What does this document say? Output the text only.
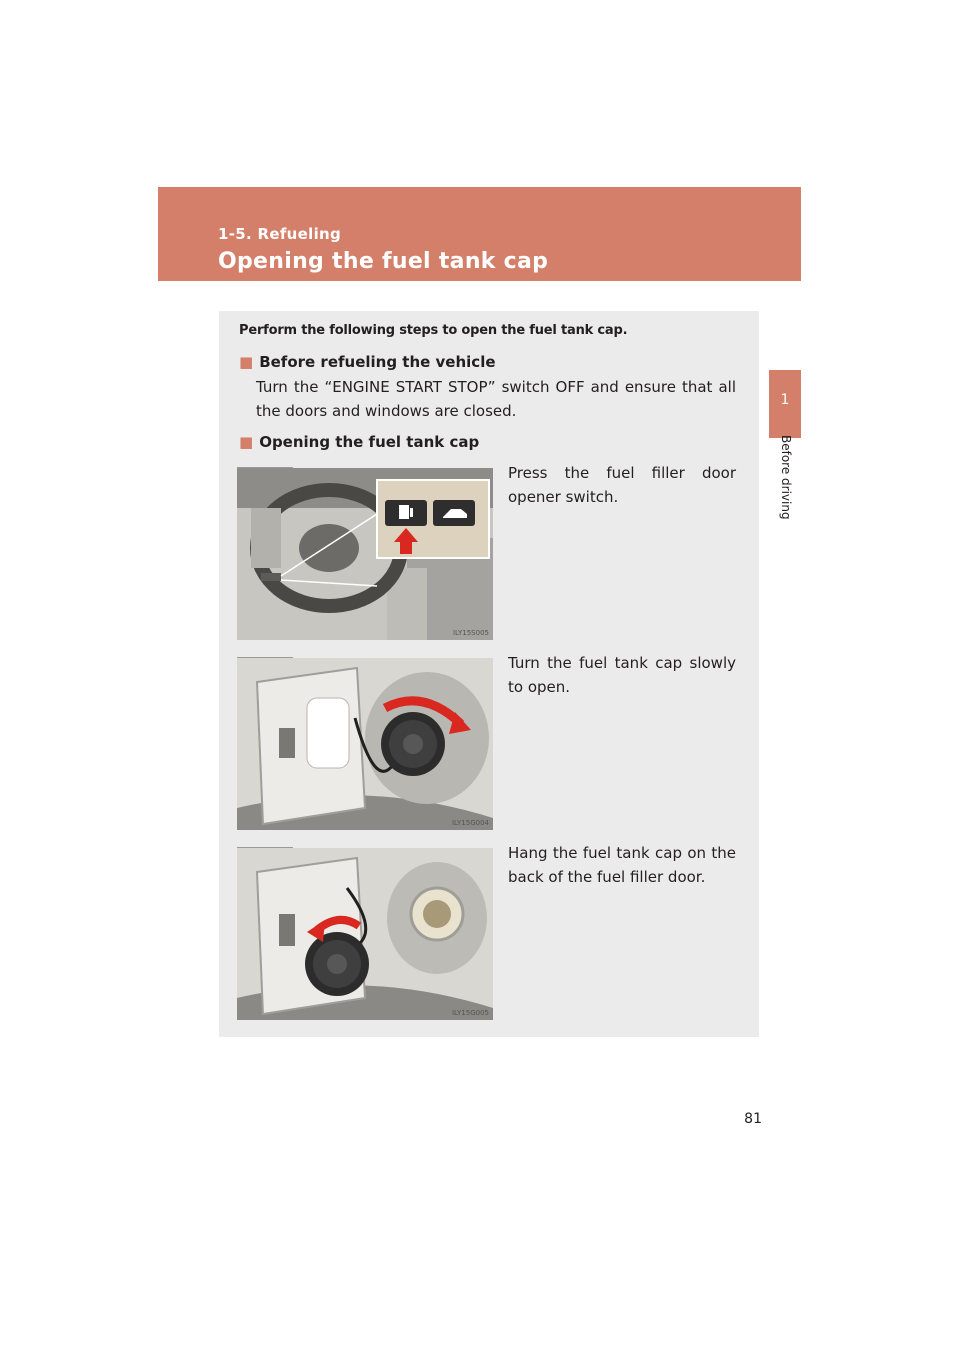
1-5. Refueling
Opening the fuel tank cap
1
Before driving
Perform the following steps to open the fuel tank cap.
■ Before refueling the vehicle
Turn the “ENGINE START STOP” switch OFF and ensure that all the doors and windows are closed.
■ Opening the fuel tank cap
ILY15S005
Press the fuel filler door opener switch.
ILY15G004
Turn the fuel tank cap slowly to open.
ILY15G005
Hang the fuel tank cap on the back of the fuel filler door.
81
